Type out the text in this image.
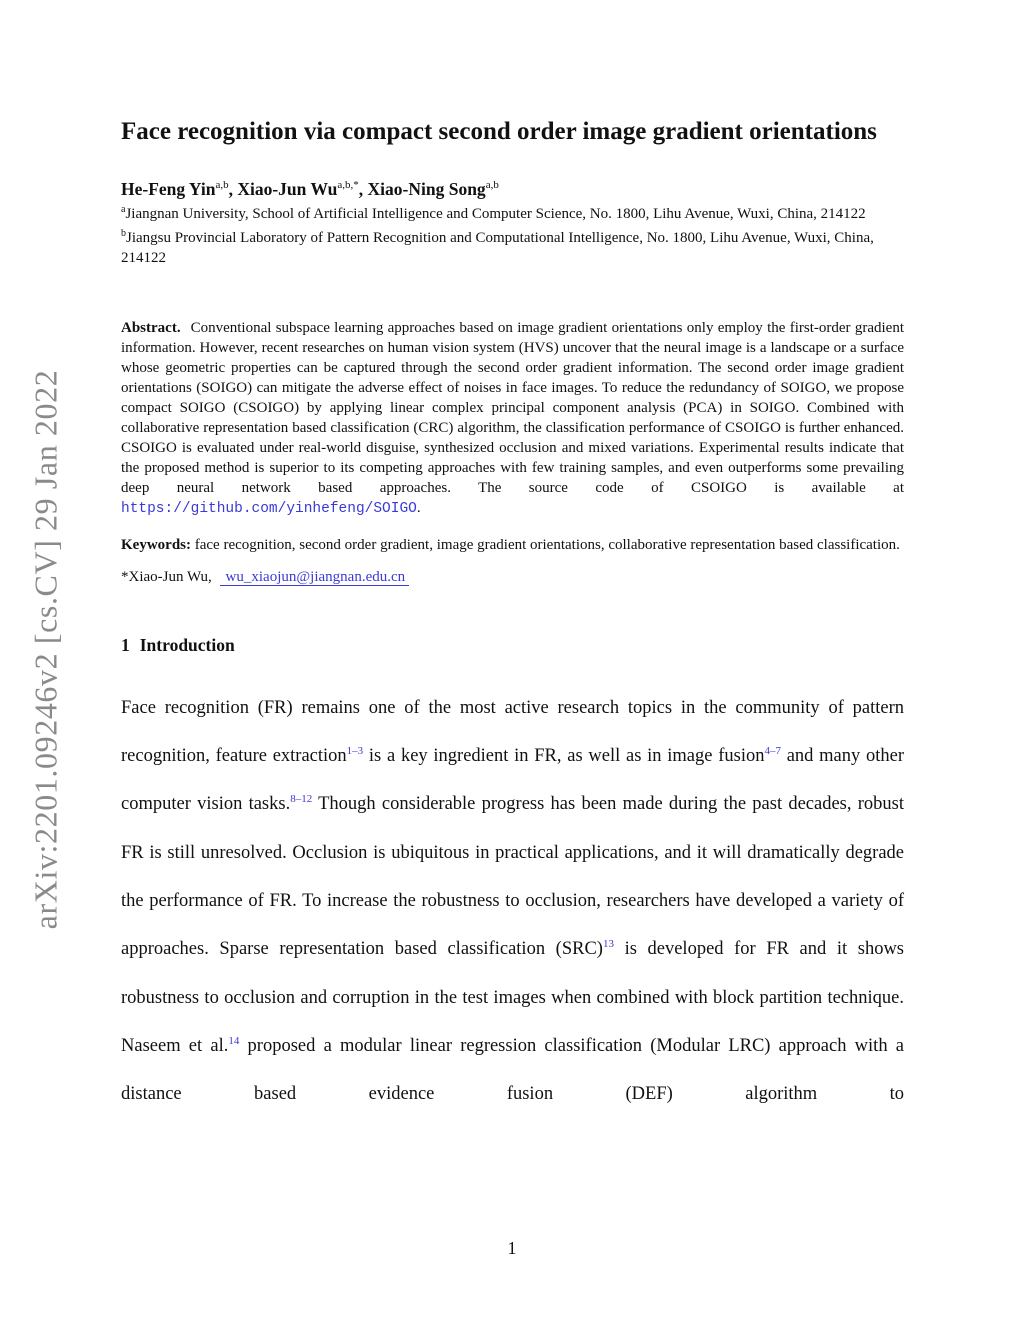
arXiv:2201.09246v2 [cs.CV] 29 Jan 2022
Face recognition via compact second order image gradient orientations
He-Feng Yin$^{a,b}$, Xiao-Jun $Wu^{a,b,*}$, Xiao-Ning Song$^{a,b}$
$^a$Jiangnan University, School of Artificial Intelligence and Computer Science, No. 1800, Lihu Avenue, Wuxi, China, 214122
$^b$Jiangsu Provincial Laboratory of Pattern Recognition and Computational Intelligence, No. 1800, Lihu Avenue, Wuxi, China, 214122
Abstract. Conventional subspace learning approaches based on image gradient orientations only employ the first-order gradient information. However, recent researches on human vision system (HVS) uncover that the neural image is a landscape or a surface whose geometric properties can be captured through the second order gradient information. The second order image gradient orientations (SOIGO) can mitigate the adverse effect of noises in face images. To reduce the redundancy of SOIGO, we propose compact SOIGO (CSOIGO) by applying linear complex principal component analysis (PCA) in SOIGO. Combined with collaborative representation based classification (CRC) algorithm, the classification performance of CSOIGO is further enhanced. CSOIGO is evaluated under real-world disguise, synthesized occlusion and mixed variations. Experimental results indicate that the proposed method is superior to its competing approaches with few training samples, and even outperforms some prevailing deep neural network based approaches. The source code of CSOIGO is available at https://github.com/yinhefeng/SOIGO.
Keywords: face recognition, second order gradient, image gradient orientations, collaborative representation based classification.
*Xiao-Jun Wu, wu_xiaojun@jiangnan.edu.cn
1 Introduction

Face recognition (FR) remains one of the most active research topics in the community of pattern recognition, feature extraction$^{1-3}$ is a key ingredient in FR, as well as in image fusion$^{4-7}$ and many other computer vision tasks.$^{8-12}$ Though considerable progress has been made during the past decades, robust FR is still unresolved. Occlusion is ubiquitous in practical applications, and it will dramatically degrade the performance of FR. To increase the robustness to occlusion, researchers have developed a variety of approaches. Sparse representation based classification (SRC)$^{13}$ is developed for FR and it shows robustness to occlusion and corruption in the test images when combined with block partition technique. Naseem et al.$^{14}$ proposed a modular linear regression classification (Modular LRC) approach with a distance based evidence fusion (DEF) algorithm to

1
